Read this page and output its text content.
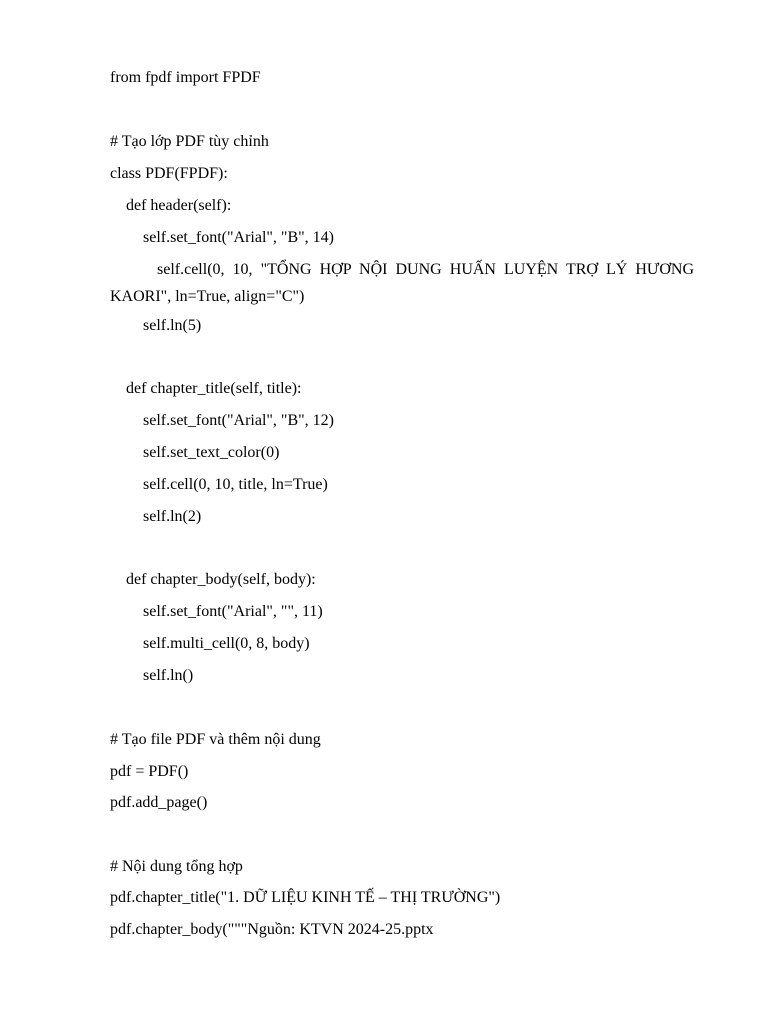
from fpdf import FPDF
# Tạo lớp PDF tùy chỉnh
class PDF(FPDF):
def header(self):
self.set_font("Arial", "B", 14)
self.cell(0, 10, "TỔNG HỢP NỘI DUNG HUẤN LUYỆN TRỢ LÝ HƯƠNG KAORI", ln=True, align="C")
self.ln(5)
def chapter_title(self, title):
self.set_font("Arial", "B", 12)
self.set_text_color(0)
self.cell(0, 10, title, ln=True)
self.ln(2)
def chapter_body(self, body):
self.set_font("Arial", "", 11)
self.multi_cell(0, 8, body)
self.ln()
# Tạo file PDF và thêm nội dung
pdf = PDF()
pdf.add_page()
# Nội dung tổng hợp
pdf.chapter_title("1. DỮ LIỆU KINH TẾ – THỊ TRƯỜNG")
pdf.chapter_body("""Nguồn: KTVN 2024-25.pptx
